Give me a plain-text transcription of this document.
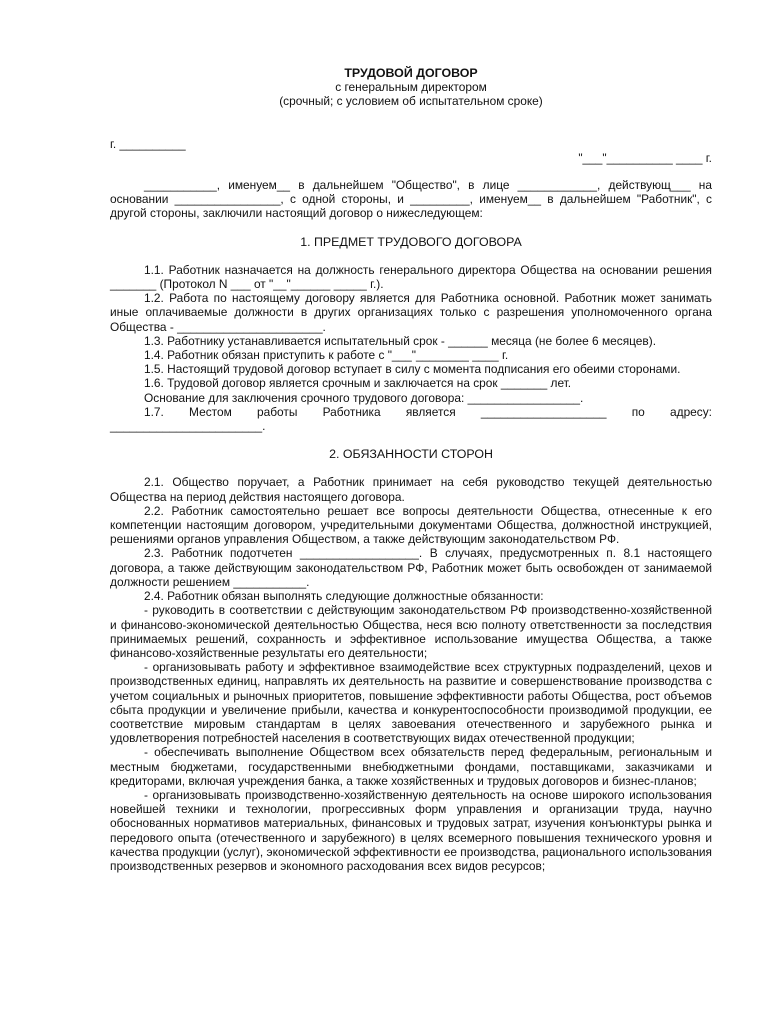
ТРУДОВОЙ ДОГОВОР

с генеральным директором

(срочный; с условием об испытательном сроке)

г. __________

"___"__________ ____ г.

___________, именуем__ в дальнейшем "Общество", в лице ____________, действующ___ на основании ________________, с одной стороны, и _________, именуем__ в дальнейшем "Работник", с другой стороны, заключили настоящий договор о нижеследующем:

1. ПРЕДМЕТ ТРУДОВОГО ДОГОВОРА

1.1. Работник назначается на должность генерального директора Общества на основании решения _______ (Протокол N ___ от "__"______ _____ г.).

1.2. Работа по настоящему договору является для Работника основной. Работник может занимать иные оплачиваемые должности в других организациях только с разрешения уполномоченного органа Общества - ______________________.

1.3. Работнику устанавливается испытательный срок - ______ месяца (не более 6 месяцев).

1.4. Работник обязан приступить к работе с "___"________ ____ г.

1.5. Настоящий трудовой договор вступает в силу с момента подписания его обеими сторонами.

1.6. Трудовой договор является срочным и заключается на срок _______ лет.

Основание для заключения срочного трудового договора: _________________.

1.7. Местом работы Работника является ___________________ по адресу: _______________________.

2. ОБЯЗАННОСТИ СТОРОН

2.1. Общество поручает, а Работник принимает на себя руководство текущей деятельностью Общества на период действия настоящего договора.

2.2. Работник самостоятельно решает все вопросы деятельности Общества, отнесенные к его компетенции настоящим договором, учредительными документами Общества, должностной инструкцией, решениями органов управления Обществом, а также действующим законодательством РФ.

2.3. Работник подотчетен __________________. В случаях, предусмотренных п. 8.1 настоящего договора, а также действующим законодательством РФ, Работник может быть освобожден от занимаемой должности решением ___________.

2.4. Работник обязан выполнять следующие должностные обязанности:

- руководить в соответствии с действующим законодательством РФ производственно-хозяйственной и финансово-экономической деятельностью Общества, неся всю полноту ответственности за последствия принимаемых решений, сохранность и эффективное использование имущества Общества, а также финансово-хозяйственные результаты его деятельности;

- организовывать работу и эффективное взаимодействие всех структурных подразделений, цехов и производственных единиц, направлять их деятельность на развитие и совершенствование производства с учетом социальных и рыночных приоритетов, повышение эффективности работы Общества, рост объемов сбыта продукции и увеличение прибыли, качества и конкурентоспособности производимой продукции, ее соответствие мировым стандартам в целях завоевания отечественного и зарубежного рынка и удовлетворения потребностей населения в соответствующих видах отечественной продукции;

- обеспечивать выполнение Обществом всех обязательств перед федеральным, региональным и местным бюджетами, государственными внебюджетными фондами, поставщиками, заказчиками и кредиторами, включая учреждения банка, а также хозяйственных и трудовых договоров и бизнес-планов;

- организовывать производственно-хозяйственную деятельность на основе широкого использования новейшей техники и технологии, прогрессивных форм управления и организации труда, научно обоснованных нормативов материальных, финансовых и трудовых затрат, изучения конъюнктуры рынка и передового опыта (отечественного и зарубежного) в целях всемерного повышения технического уровня и качества продукции (услуг), экономической эффективности ее производства, рационального использования производственных резервов и экономного расходования всех видов ресурсов;
